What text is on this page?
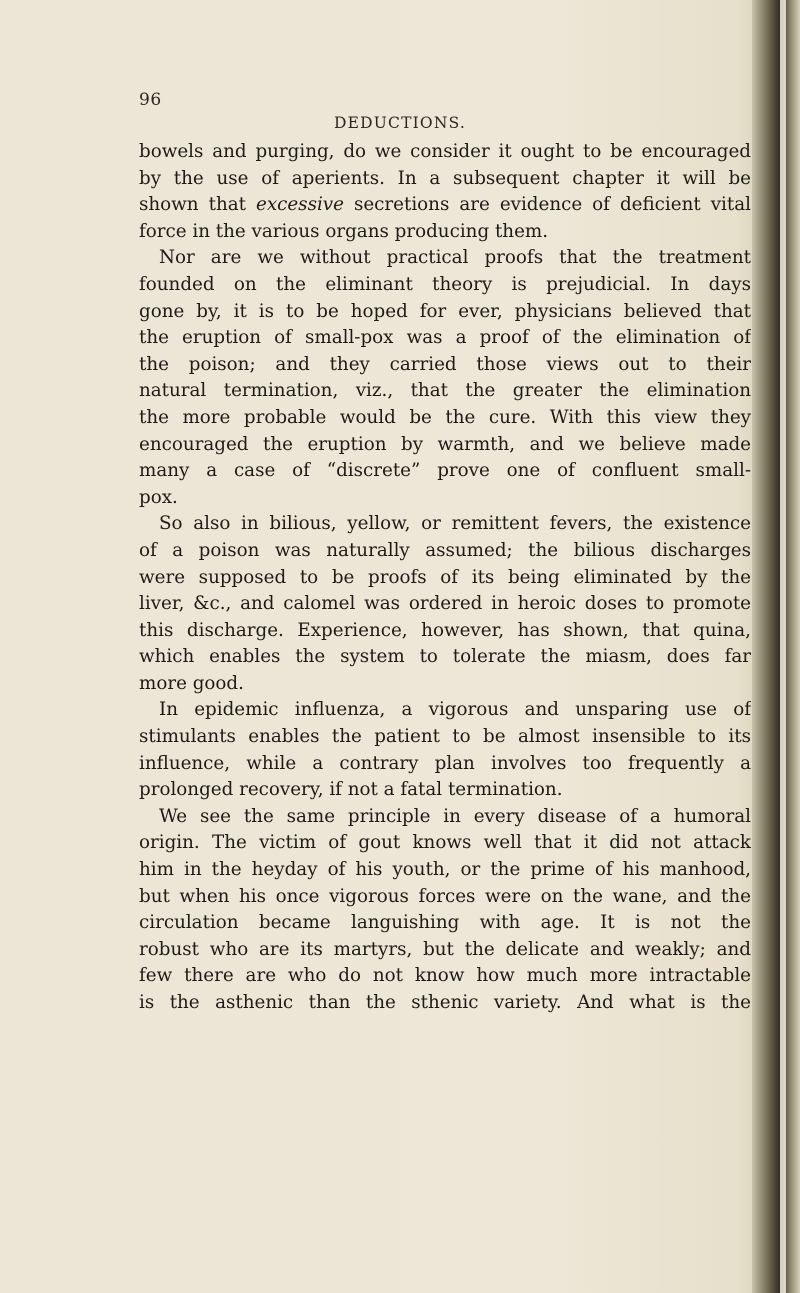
96
DEDUCTIONS.
bowels and purging, do we consider it ought to be encouraged
by the use of aperients. In a subsequent chapter it will be
shown that excessive secretions are evidence of deficient vital
force in the various organs producing them.
Nor are we without practical proofs that the treatment
founded on the eliminant theory is prejudicial. In days
gone by, it is to be hoped for ever, physicians believed that
the eruption of small-pox was a proof of the elimination of
the poison; and they carried those views out to their
natural termination, viz., that the greater the elimination
the more probable would be the cure. With this view they
encouraged the eruption by warmth, and we believe made
many a case of “discrete” prove one of confluent small-
pox.
So also in bilious, yellow, or remittent fevers, the existence
of a poison was naturally assumed; the bilious discharges
were supposed to be proofs of its being eliminated by the
liver, &c., and calomel was ordered in heroic doses to promote
this discharge. Experience, however, has shown, that quina,
which enables the system to tolerate the miasm, does far
more good.
In epidemic influenza, a vigorous and unsparing use of
stimulants enables the patient to be almost insensible to its
influence, while a contrary plan involves too frequently a
prolonged recovery, if not a fatal termination.
We see the same principle in every disease of a humoral
origin. The victim of gout knows well that it did not attack
him in the heyday of his youth, or the prime of his manhood,
but when his once vigorous forces were on the wane, and the
circulation became languishing with age. It is not the
robust who are its martyrs, but the delicate and weakly; and
few there are who do not know how much more intractable
is the asthenic than the sthenic variety. And what is the
